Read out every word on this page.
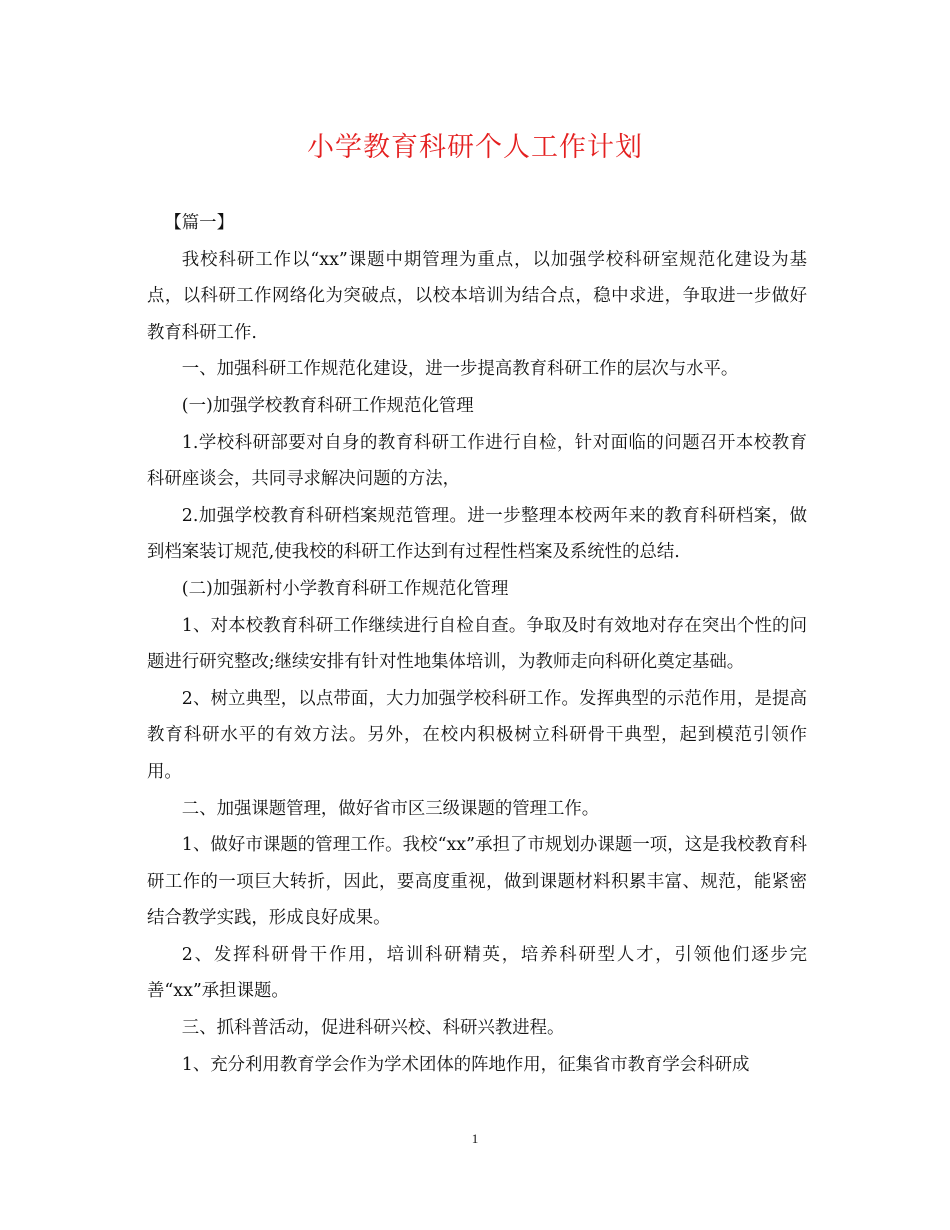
小学教育科研个人工作计划

【篇一】

我校科研工作以“xx”课题中期管理为重点，以加强学校科研室规范化建设为基点，以科研工作网络化为突破点，以校本培训为结合点，稳中求进，争取进一步做好教育科研工作.

一、加强科研工作规范化建设，进一步提高教育科研工作的层次与水平。

(一)加强学校教育科研工作规范化管理

1.学校科研部要对自身的教育科研工作进行自检，针对面临的问题召开本校教育科研座谈会，共同寻求解决问题的方法，

2.加强学校教育科研档案规范管理。进一步整理本校两年来的教育科研档案，做到档案装订规范,使我校的科研工作达到有过程性档案及系统性的总结.

(二)加强新村小学教育科研工作规范化管理

1、对本校教育科研工作继续进行自检自查。争取及时有效地对存在突出个性的问题进行研究整改;继续安排有针对性地集体培训，为教师走向科研化奠定基础。

2、树立典型，以点带面，大力加强学校科研工作。发挥典型的示范作用，是提高教育科研水平的有效方法。另外，在校内积极树立科研骨干典型，起到模范引领作用。

二、加强课题管理，做好省市区三级课题的管理工作。

1、做好市课题的管理工作。我校“xx”承担了市规划办课题一项，这是我校教育科研工作的一项巨大转折，因此，要高度重视，做到课题材料积累丰富、规范，能紧密结合教学实践，形成良好成果。

2、发挥科研骨干作用，培训科研精英，培养科研型人才，引领他们逐步完善“xx”承担课题。

三、抓科普活动，促进科研兴校、科研兴教进程。

1、充分利用教育学会作为学术团体的阵地作用，征集省市教育学会科研成

1
